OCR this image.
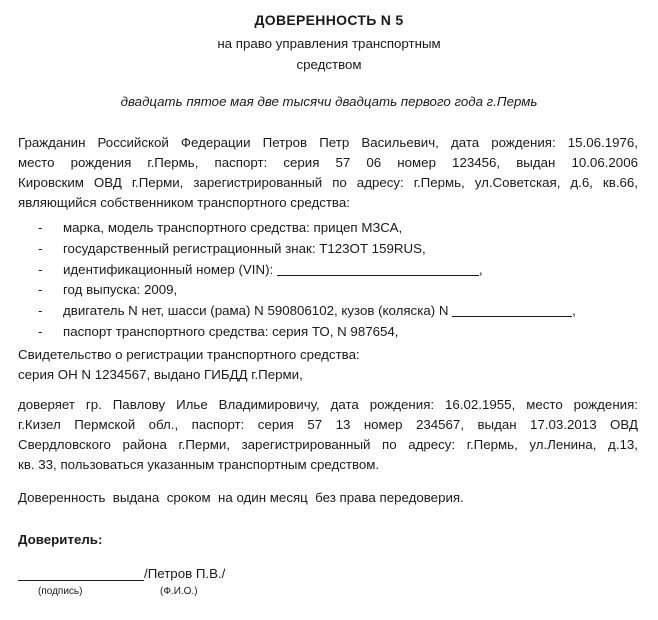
ДОВЕРЕННОСТЬ N 5
на право управления транспортным
средством
двадцать пятое мая две тысячи двадцать первого года г.Пермь
Гражданин Российской Федерации Петров Петр Васильевич, дата рождения: 15.06.1976,
место рождения г.Пермь, паспорт: серия 57 06 номер 123456, выдан 10.06.2006
Кировским ОВД г.Перми, зарегистрированный по адресу: г.Пермь, ул.Советская, д.6, кв.66,
являющийся собственником транспортного средства:
- марка, модель транспортного средства: прицеп МЗСА,
- государственный регистрационный знак: Т123ОТ 159RUS,
- идентификационный номер (VIN):	,
- год выпуска: 2009,
- двигатель N нет, шасси (рама) N 590806102, кузов (коляска) N	,
- паспорт транспортного средства: серия ТО, N 987654,
Свидетельство о регистрации транспортного средства:
серия ОН N 1234567, выдано ГИБДД г.Перми,
доверяет гр. Павлову Илье Владимировичу, дата рождения: 16.02.1955, место рождения:
г.Кизел Пермской обл., паспорт: серия 57 13 номер 234567, выдан 17.03.2013 ОВД
Свердловского района г.Перми, зарегистрированный по адресу: г.Пермь, ул.Ленина, д.13,
кв. 33, пользоваться указанным транспортным средством.
Доверенность  выдана  сроком  на один месяц  без права передоверия.
Доверитель:
/Петров П.В./
(подпись)	(Ф.И.О.)
